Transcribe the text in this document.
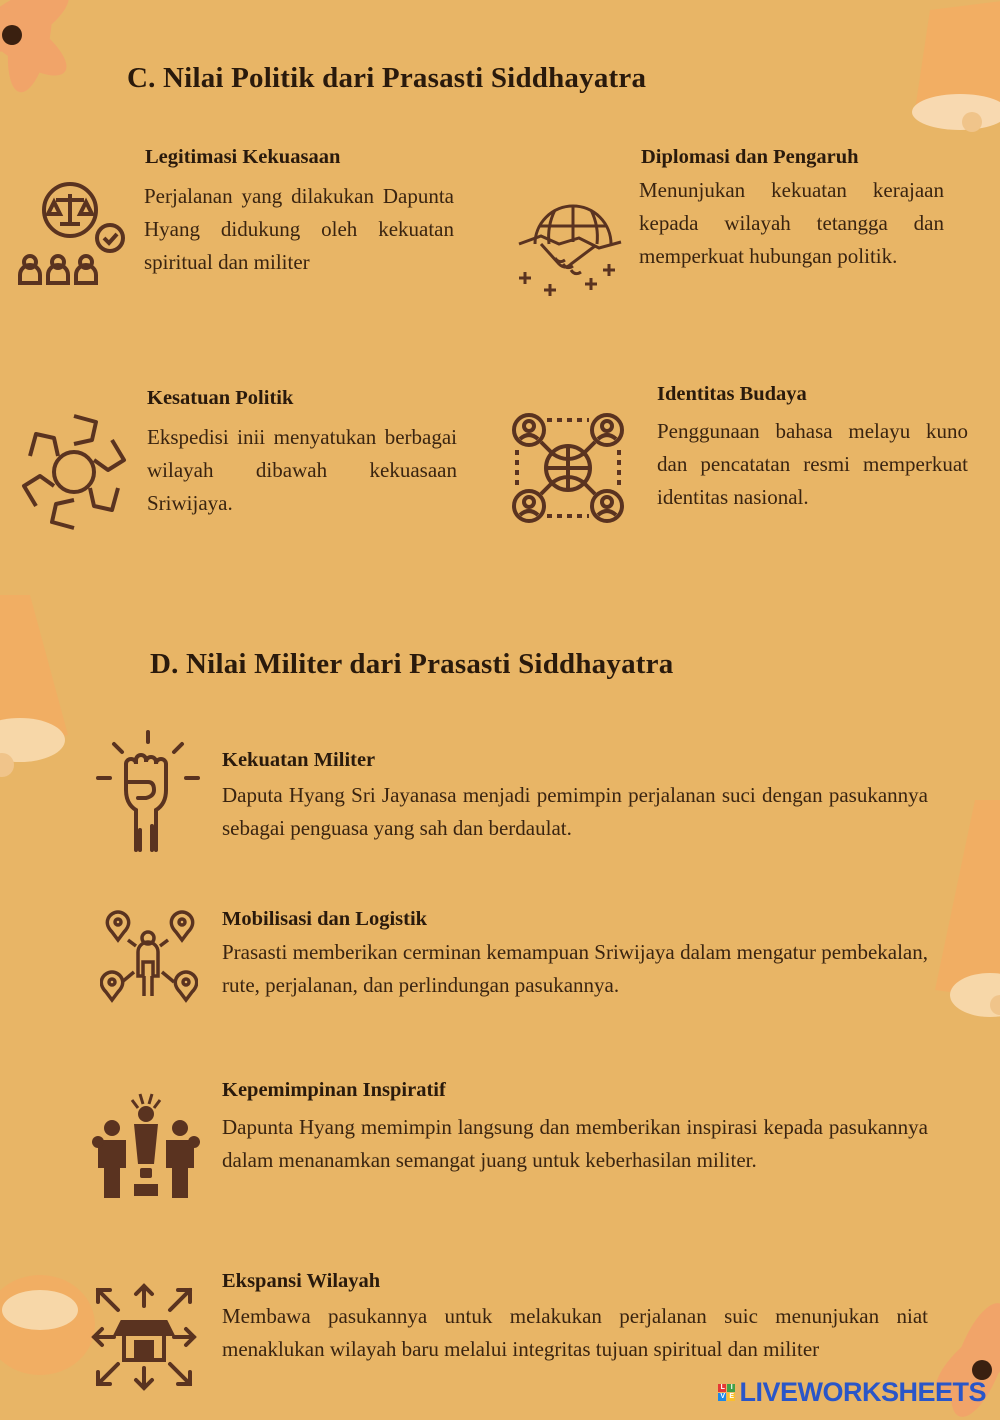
C. Nilai Politik dari Prasasti Siddhayatra
Legitimasi Kekuasaan
Perjalanan yang dilakukan Dapunta Hyang didukung oleh kekuatan spiritual dan militer
Diplomasi dan Pengaruh
Menunjukan kekuatan kerajaan kepada wilayah tetangga dan memperkuat hubungan politik.
Kesatuan Politik
Ekspedisi inii menyatukan berbagai wilayah dibawah kekuasaan Sriwijaya.
Identitas Budaya
Penggunaan bahasa melayu kuno dan pencatatan resmi memperkuat identitas nasional.
D. Nilai Militer dari Prasasti Siddhayatra
Kekuatan Militer
Daputa Hyang Sri Jayanasa menjadi pemimpin perjalanan suci dengan pasukannya sebagai penguasa yang sah dan berdaulat.
Mobilisasi dan Logistik
Prasasti memberikan cerminan kemampuan Sriwijaya dalam mengatur pembekalan, rute, perjalanan, dan perlindungan pasukannya.
Kepemimpinan Inspiratif
Dapunta Hyang memimpin langsung dan memberikan inspirasi kepada pasukannya dalam menanamkan semangat juang untuk keberhasilan militer.
Ekspansi Wilayah
Membawa pasukannya untuk melakukan perjalanan suic menunjukan niat menaklukan wilayah baru melalui integritas tujuan spiritual dan militer
L I
V E LIVEWORKSHEETS
